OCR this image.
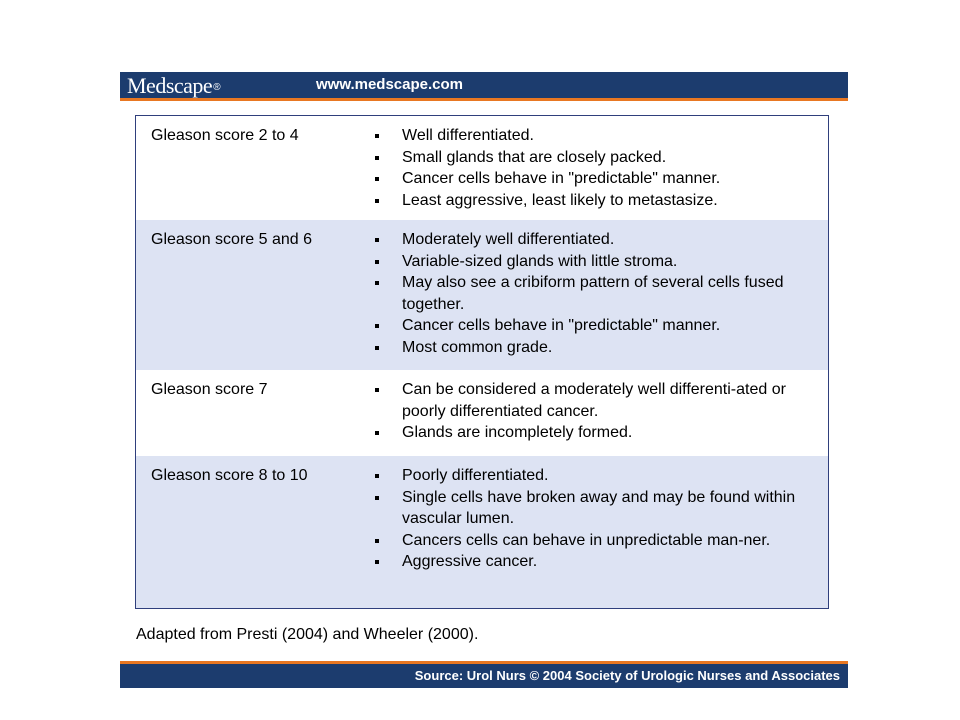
Medscape®	www.medscape.com
Gleason score 2 to 4	Well differentiated.
Small glands that are closely packed.
Cancer cells behave in "predictable" manner.
Least aggressive, least likely to metastasize.
Gleason score 5 and 6	Moderately well differentiated.
Variable-sized glands with little stroma.
May also see a cribiform pattern of several cells fused together.
Cancer cells behave in "predictable" manner.
Most common grade.
Gleason score 7	Can be considered a moderately well differenti-ated or poorly differentiated cancer.
Glands are incompletely formed.
Gleason score 8 to 10	Poorly differentiated.
Single cells have broken away and may be found within vascular lumen.
Cancers cells can behave in unpredictable man-ner.
Aggressive cancer.
Adapted from Presti (2004) and Wheeler (2000).
Source: Urol Nurs © 2004 Society of Urologic Nurses and Associates
